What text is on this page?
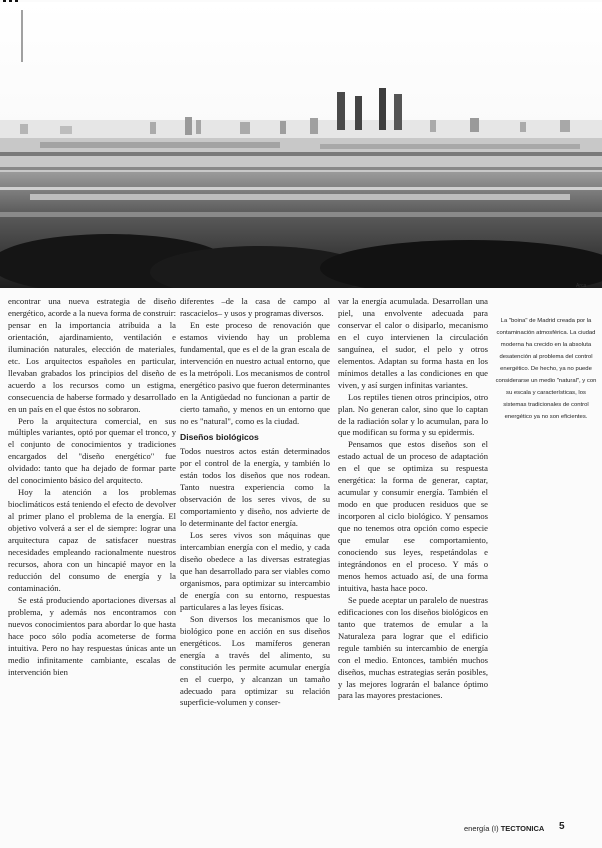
Arca

encontrar una nueva estrategia de diseño energético, acorde a la nueva forma de construir: pensar en la importancia atribuida a la orientación, ajardinamiento, ventilación e iluminación naturales, elección de materiales, etc. Los arquitectos españoles en particular, llevaban grabados los principios del diseño de acuerdo a los recursos como un estigma, consecuencia de haberse formado y desarrollado en un país en el que éstos no sobraron.

Pero la arquitectura comercial, en sus múltiples variantes, optó por quemar el tronco, y el conjunto de conocimientos y tradiciones encargados del "diseño energético" fue olvidado: tanto que ha dejado de formar parte del conocimiento básico del arquitecto.

Hoy la atención a los problemas bioclimáticos está teniendo el efecto de devolver al primer plano el problema de la energía. El objetivo volverá a ser el de siempre: lograr una arquitectura capaz de satisfacer nuestras necesidades empleando racionalmente nuestros recursos, ahora con un hincapié mayor en la reducción del consumo de energía y la contaminación.

Se está produciendo aportaciones diversas al problema, y además nos encontramos con nuevos conocimientos para abordar lo que hasta hace poco sólo podía acometerse de forma intuitiva. Pero no hay respuestas únicas ante un medio infinitamente cambiante, escalas de intervención bien

diferentes –de la casa de campo al rascacielos– y usos y programas diversos.

En este proceso de renovación que estamos viviendo hay un problema fundamental, que es el de la gran escala de intervención en nuestro actual entorno, que es la metrópoli. Los mecanismos de control energético pasivo que fueron determinantes en la Antigüedad no funcionan a partir de cierto tamaño, y menos en un entorno que no es "natural", como es la ciudad.

Diseños biológicos

Todos nuestros actos están determinados por el control de la energía, y también lo están todos los diseños que nos rodean. Tanto nuestra experiencia como la observación de los seres vivos, de su comportamiento y diseño, nos advierte de lo determinante del factor energía.

Los seres vivos son máquinas que intercambian energía con el medio, y cada diseño obedece a las diversas estrategias que han desarrollado para ser viables como organismos, para optimizar su intercambio de energía con su entorno, respuestas particulares a las leyes físicas.

Son diversos los mecanismos que lo biológico pone en acción en sus diseños energéticos. Los mamíferos generan energía a través del alimento, su constitución les permite acumular energía en el cuerpo, y alcanzan un tamaño adecuado para optimizar su relación superficie-volumen y conser-

var la energía acumulada. Desarrollan una piel, una envolvente adecuada para conservar el calor o disiparlo, mecanismo en el cuyo intervienen la circulación sanguínea, el sudor, el pelo y otros elementos. Adaptan su forma hasta en los mínimos detalles a las condiciones en que viven, y así surgen infinitas variantes.

Los reptiles tienen otros principios, otro plan. No generan calor, sino que lo captan de la radiación solar y lo acumulan, para lo que modifican su forma y su epidermis.

Pensamos que estos diseños son el estado actual de un proceso de adaptación en el que se optimiza su respuesta energética: la forma de generar, captar, acumular y consumir energía. También el modo en que producen residuos que se incorporen al ciclo biológico. Y pensamos que no tenemos otra opción como especie que emular ese comportamiento, conociendo sus leyes, respetándolas e integrándonos en el proceso. Y más o menos hemos actuado así, de una forma intuitiva, hasta hace poco.

Se puede aceptar un paralelo de nuestras edificaciones con los diseños biológicos en tanto que tratemos de emular a la Naturaleza para lograr que el edificio regule también su intercambio de energía con el medio. Entonces, también muchos diseños, muchas estrategias serán posibles, y las mejores lograrán el balance óptimo para las mayores prestaciones.

La "boina" de Madrid creada por la contaminación atmosférica. La ciudad moderna ha crecido en la absoluta desatención al problema del control energético. De hecho, ya no puede considerarse un medio "natural", y con su escala y características, los sistemas tradicionales de control energético ya no son eficientes.
energía (I) TECTONICA 5
